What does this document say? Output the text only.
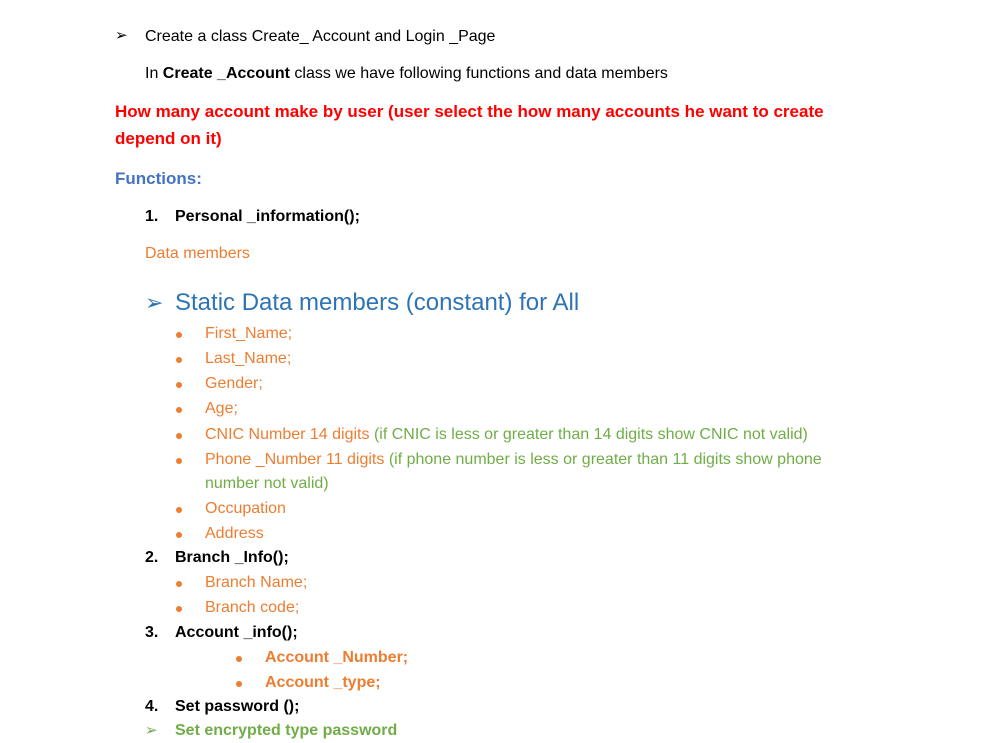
➢ Create a class Create_ Account and Login _Page
In Create _Account class we have following functions and data members
How many account make by user (user select the how many accounts he want to create depend on it)
Functions:
1. Personal _information();
Data members
➢ Static Data members (constant) for All
First_Name;
Last_Name;
Gender;
Age;
CNIC Number 14 digits (if CNIC is less or greater than 14 digits show CNIC not valid)
Phone _Number 11 digits (if phone number is less or greater than 11 digits show phone number not valid)
Occupation
Address
2. Branch _Info();
Branch Name;
Branch code;
3. Account _info();
Account _Number;
Account _type;
4. Set password ();
➢ Set encrypted type password
